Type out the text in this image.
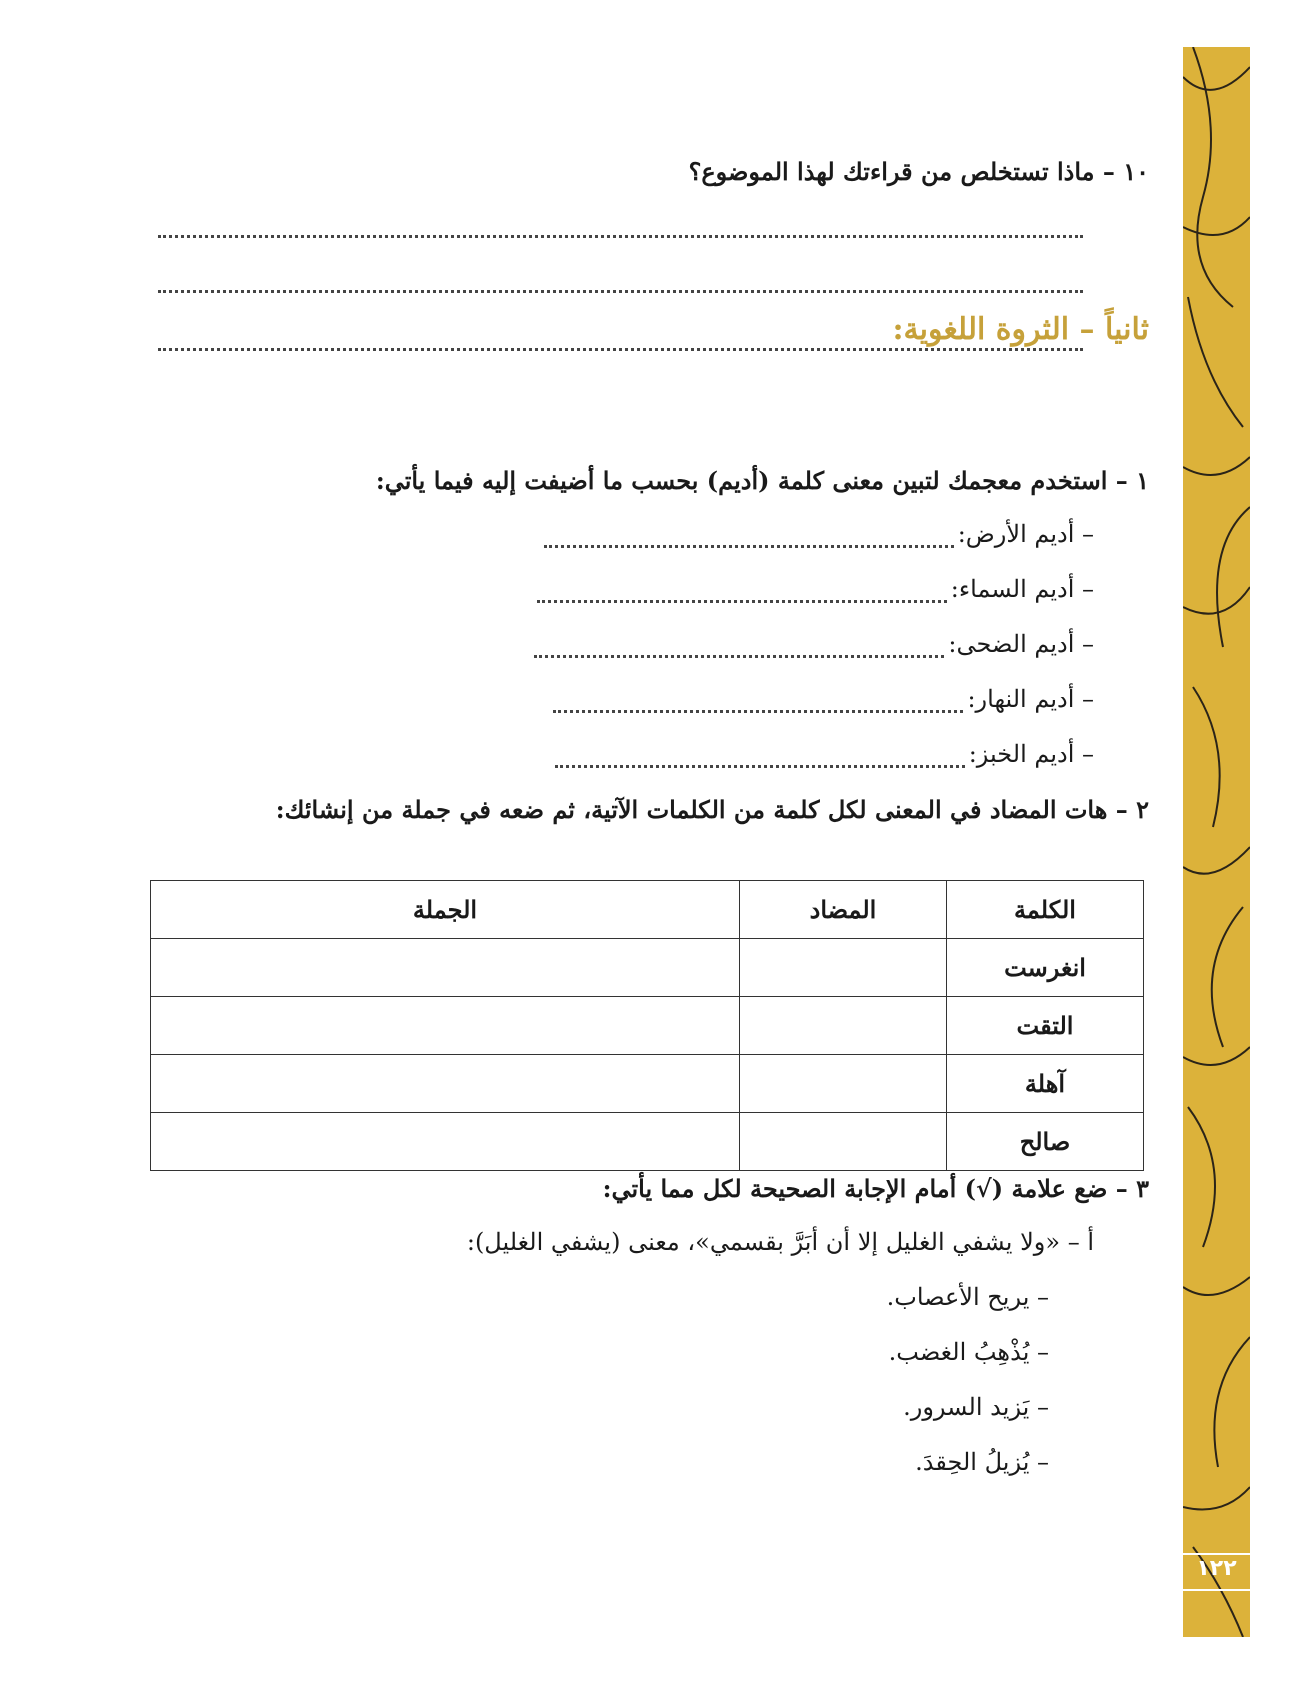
١٠ – ماذا تستخلص من قراءتك لهذا الموضوع؟
ثانياً – الثروة اللغوية:
١ – استخدم معجمك لتبين معنى كلمة (أديم) بحسب ما أضيفت إليه فيما يأتي:
– أديم الأرض:
– أديم السماء:
– أديم الضحى:
– أديم النهار:
– أديم الخبز:
٢ – هات المضاد في المعنى لكل كلمة من الكلمات الآتية، ثم ضعه في جملة من إنشائك:
الكلمة	المضاد	الجملة
انغرست		
التقت		
آهلة		
صالح		
٣ – ضع علامة (√) أمام الإجابة الصحيحة لكل مما يأتي:
أ – «ولا يشفي الغليل إلا أن أبَرَّ بقسمي»، معنى (يشفي الغليل):
– يريح الأعصاب.
– يُذْهِبُ الغضب.
– يَزيد السرور.
– يُزيلُ الحِقدَ.
١٢٢
